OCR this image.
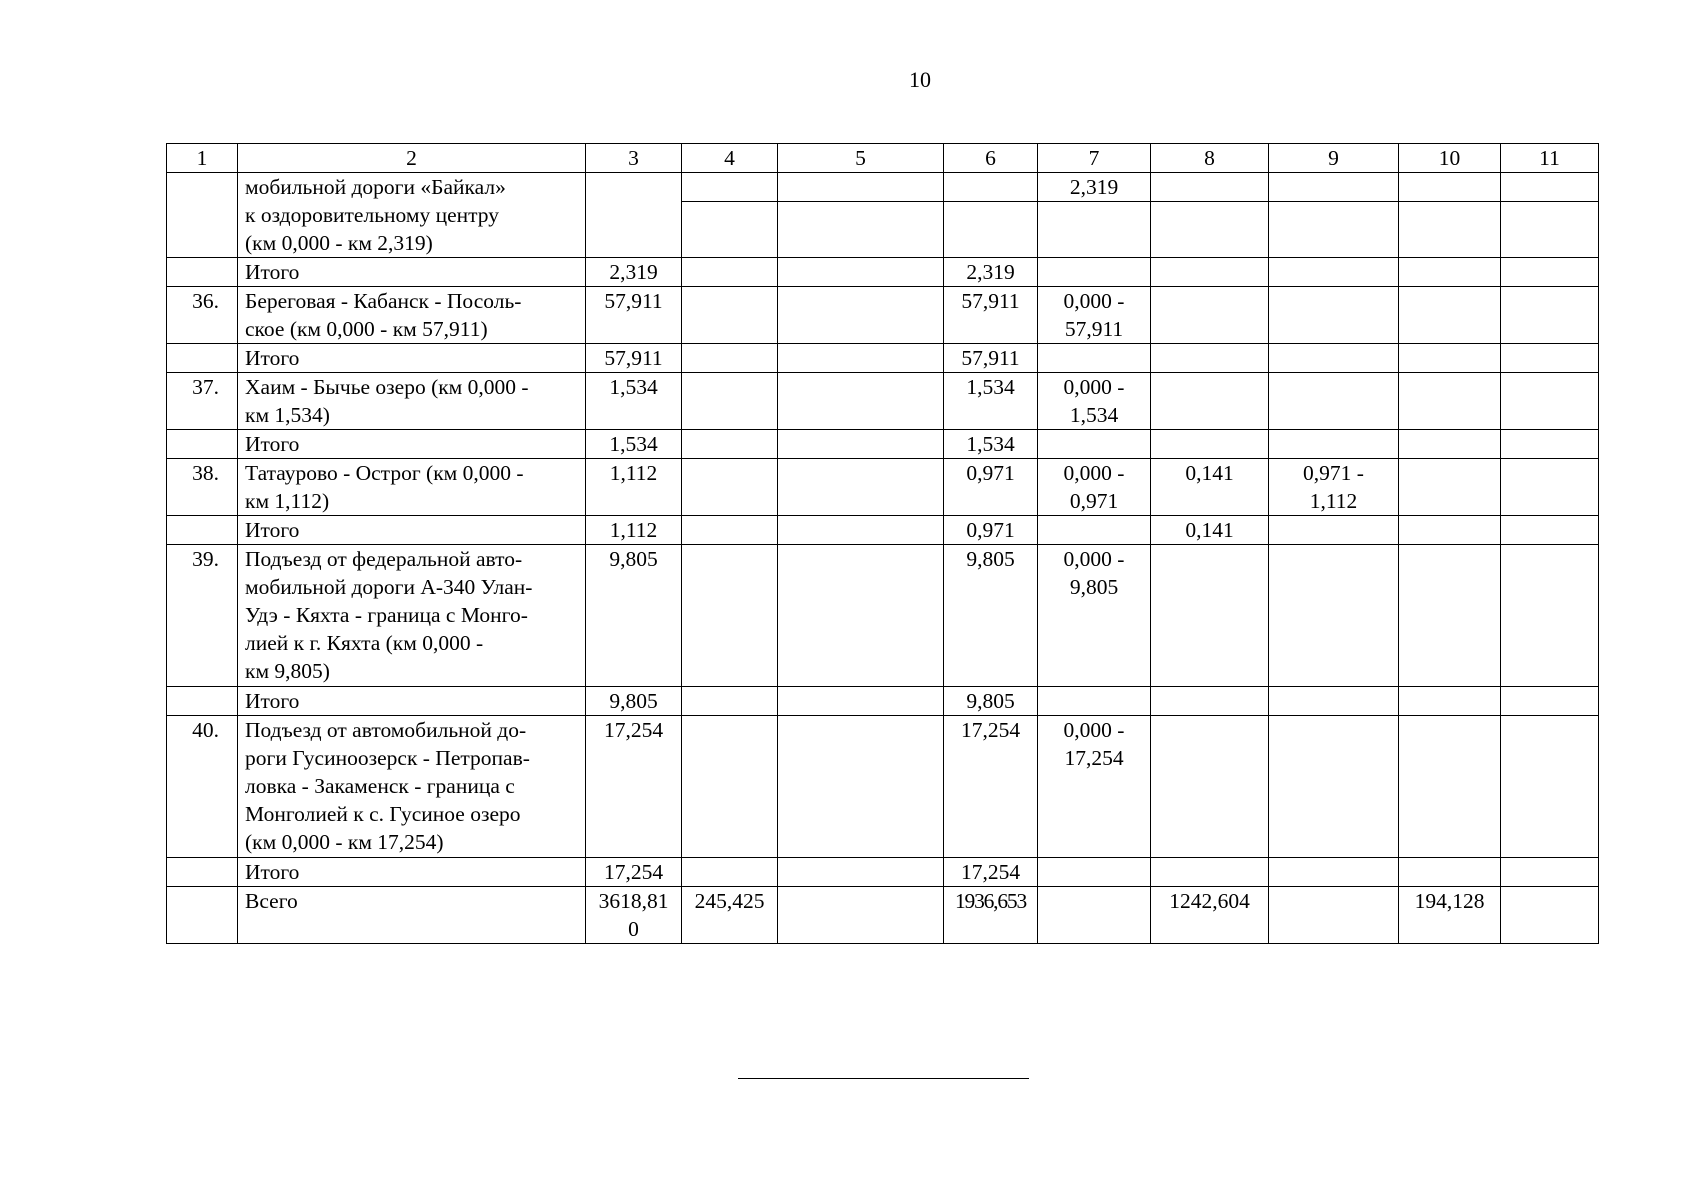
10
1	2	3	4	5	6	7	8	9	10	11

	мобильной дороги «Байкал»
к оздоровительному центру
(км 0,000 - км 2,319)					2,319				

	Итого	2,319			2,319					
36.	Береговая - Кабанск - Посоль-
ское (км 0,000 - км 57,911)	57,911			57,911	0,000 -
57,911				

	Итого	57,911			57,911					
37.	Хаим - Бычье озеро (км 0,000 -
км 1,534)	1,534			1,534	0,000 -
1,534				

	Итого	1,534			1,534					
38.	Татаурово - Острог (км 0,000 -
км 1,112)	1,112			0,971	0,000 -
0,971	0,141	0,971 -
1,112		

	Итого	1,112			0,971		0,141			
39.	Подъезд от федеральной авто-
мобильной дороги А-340 Улан-
Удэ - Кяхта - граница с Монго-
лией к г. Кяхта (км 0,000 -
км 9,805)	9,805			9,805	0,000 -
9,805				

	Итого	9,805			9,805					
40.	Подъезд от автомобильной до-
роги Гусиноозерск - Петропав-
ловка - Закаменск - граница с
Монголией к с. Гусиное озеро
(км 0,000 - км 17,254)	17,254			17,254	0,000 -
17,254				

	Итого	17,254			17,254					
	Всего	3618,81
0	245,425		1936,653		1242,604		194,128	
